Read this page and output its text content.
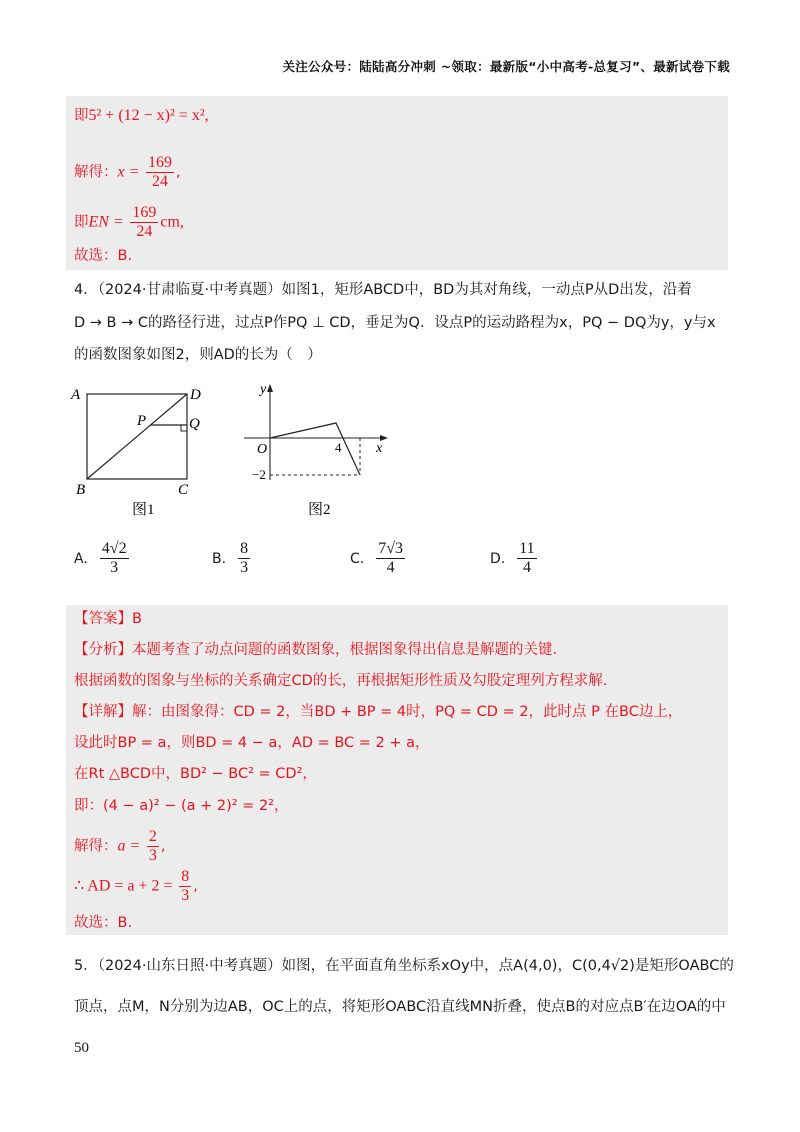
关注公众号：陆陆高分冲刺 ~领取：最新版“小中高考-总复习”、最新试卷下载
即5² + (12 − x)² = x²,
解得：$x = \frac{169}{24}$ ,
即EN = $\frac{169}{24}$ cm,
故选：B.
4．（2024·甘肃临夏·中考真题）如图1，矩形ABCD中，BD为其对角线，一动点P从D出发，沿着
D → B → C的路径行进，过点P作PQ ⊥ CD，垂足为Q．设点P的运动路程为x，PQ − DQ为y，y与x
的函数图象如图2，则AD的长为（　）
A	D
P	Q
B	C
图1
y
O	x
4
−2
图2
A. $\frac{4√2}{3}$	B. $\frac{8}{3}$	C. $\frac{7√3}{4}$	D. $\frac{11}{4}$
【答案】B
【分析】本题考查了动点问题的函数图象，根据图象得出信息是解题的关键.
根据函数的图象与坐标的关系确定CD的长，再根据矩形性质及勾股定理列方程求解.
【详解】解：由图象得：CD = 2，当BD + BP = 4时，PQ = CD = 2，此时点 P 在BC边上，
设此时BP = a，则BD = 4 − a，AD = BC = 2 + a，
在Rt △BCD中，BD² − BC² = CD²，
即：(4 − a)² − (a + 2)² = 2²，
解得：$a = \frac{2}{3}$ ,
∴ AD = $a + 2 = \frac{8}{3}$ ,
故选：B.
5．（2024·山东日照·中考真题）如图，在平面直角坐标系xOy中，点A(4,0)，C(0,4√2)是矩形OABC的
顶点，点M，N分别为边AB，OC上的点，将矩形OABC沿直线MN折叠，使点B的对应点B′在边OA的中
50
